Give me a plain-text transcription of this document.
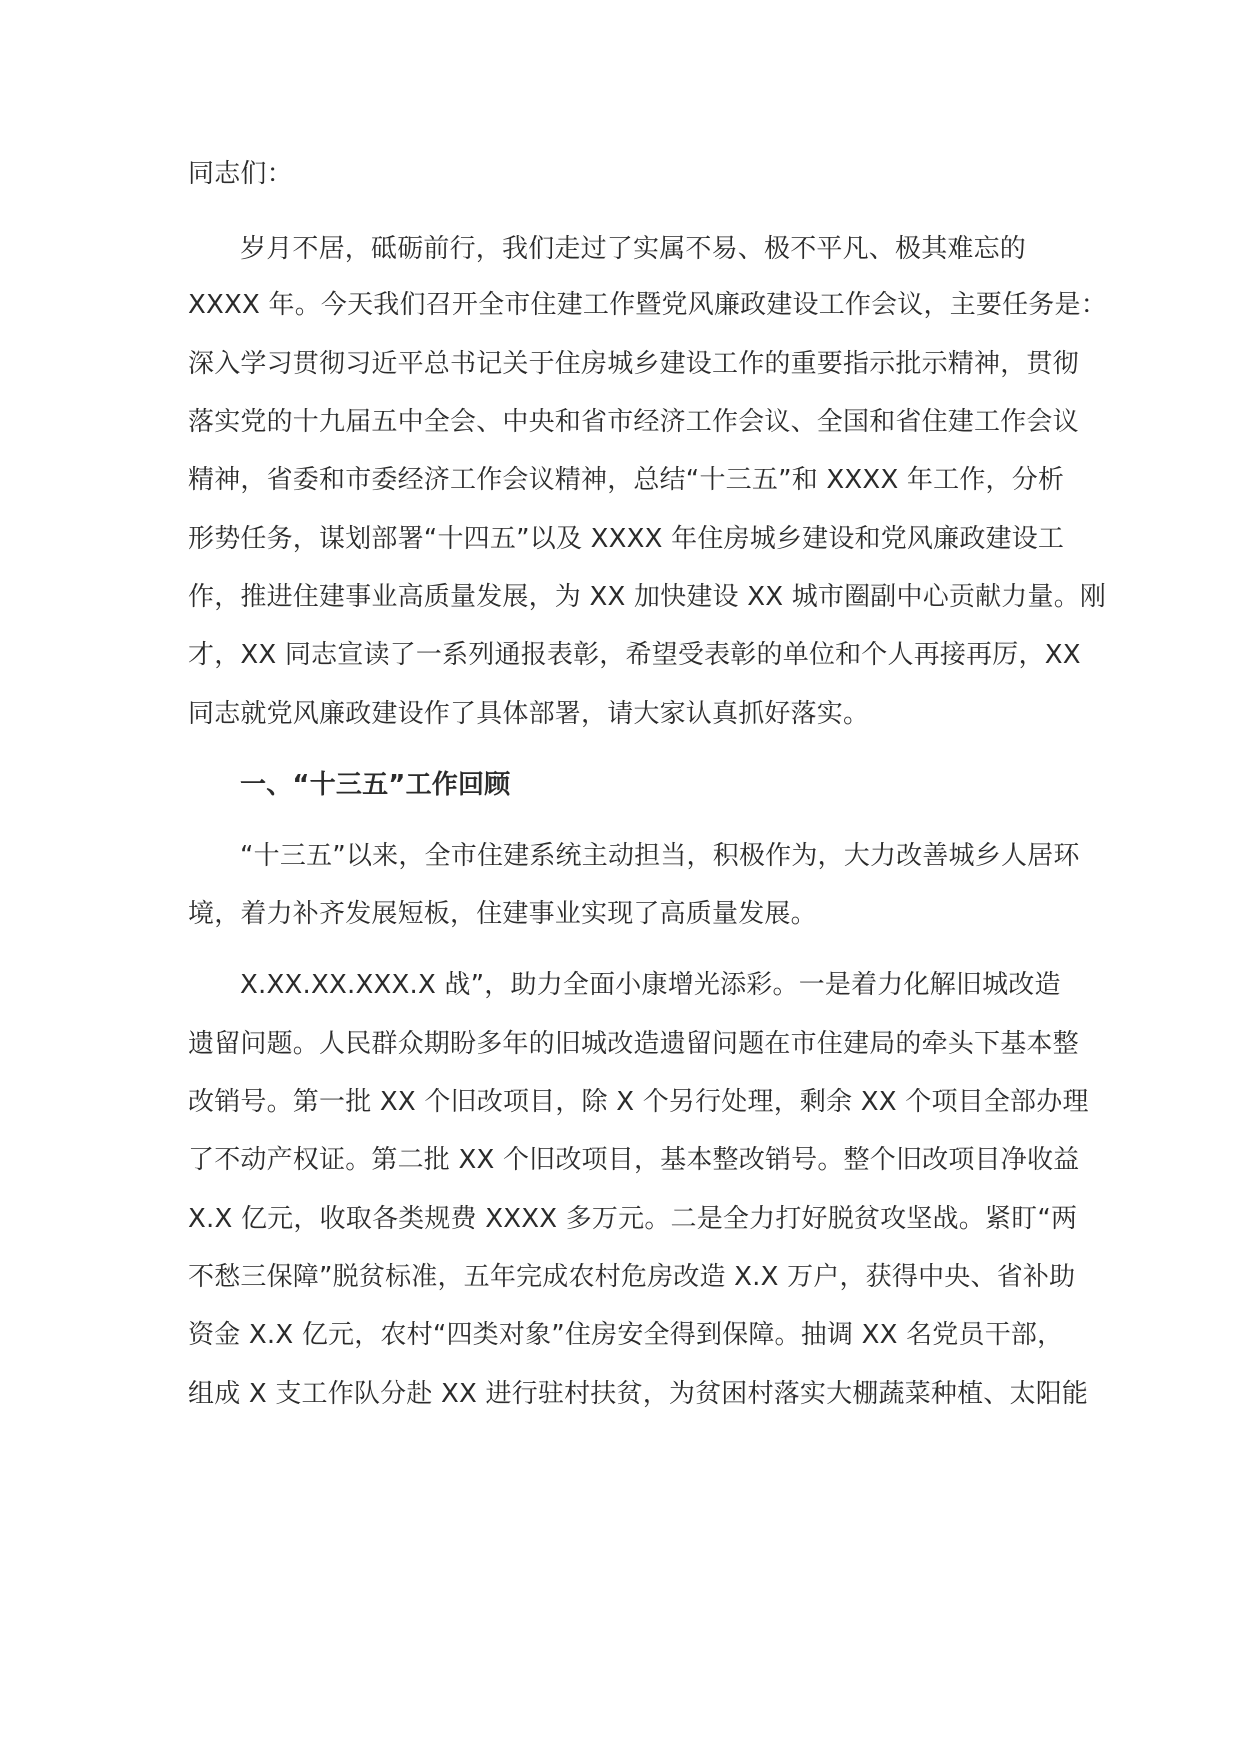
同志们：
岁月不居，砥砺前行，我们走过了实属不易、极不平凡、极其难忘的
XXXX 年。今天我们召开全市住建工作暨党风廉政建设工作会议，主要任务是：
深入学习贯彻习近平总书记关于住房城乡建设工作的重要指示批示精神，贯彻
落实党的十九届五中全会、中央和省市经济工作会议、全国和省住建工作会议
精神，省委和市委经济工作会议精神，总结“十三五”和 XXXX 年工作，分析
形势任务，谋划部署“十四五”以及 XXXX 年住房城乡建设和党风廉政建设工
作，推进住建事业高质量发展，为 XX 加快建设 XX 城市圈副中心贡献力量。刚
才，XX 同志宣读了一系列通报表彰，希望受表彰的单位和个人再接再厉，XX
同志就党风廉政建设作了具体部署，请大家认真抓好落实。
一、“十三五”工作回顾
“十三五”以来，全市住建系统主动担当，积极作为，大力改善城乡人居环
境，着力补齐发展短板，住建事业实现了高质量发展。
X.XX.XX.XXX.X 战”，助力全面小康增光添彩。一是着力化解旧城改造
遗留问题。人民群众期盼多年的旧城改造遗留问题在市住建局的牵头下基本整
改销号。第一批 XX 个旧改项目，除 X 个另行处理，剩余 XX 个项目全部办理
了不动产权证。第二批 XX 个旧改项目，基本整改销号。整个旧改项目净收益
X.X 亿元，收取各类规费 XXXX 多万元。二是全力打好脱贫攻坚战。紧盯“两
不愁三保障”脱贫标准，五年完成农村危房改造 X.X 万户，获得中央、省补助
资金 X.X 亿元，农村“四类对象”住房安全得到保障。抽调 XX 名党员干部，
组成 X 支工作队分赴 XX 进行驻村扶贫，为贫困村落实大棚蔬菜种植、太阳能
